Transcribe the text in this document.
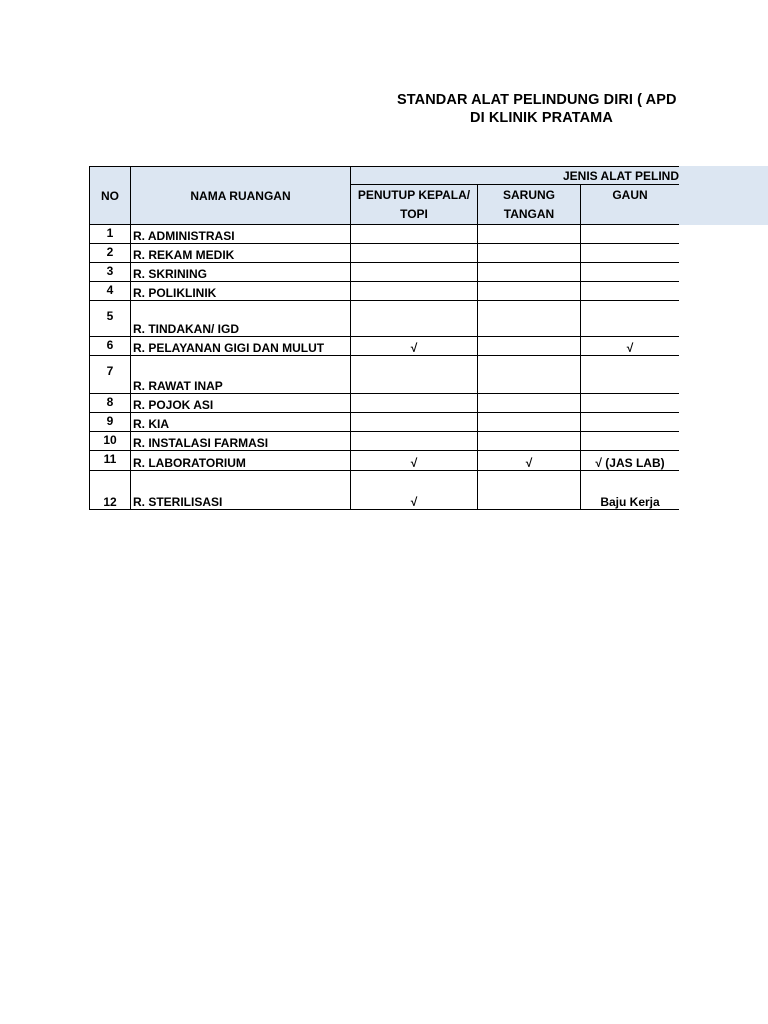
STANDAR ALAT PELINDUNG DIRI ( APD
DI KLINIK PRATAMA
NO	NAMA RUANGAN	JENIS ALAT PELIND		
		PENUTUP KEPALA/	SARUNG	GAUN
		TOPI	TANGAN	
1	R. ADMINISTRASI			
2	R. REKAM MEDIK			
3	R. SKRINING			
4	R. POLIKLINIK			
5	R. TINDAKAN/ IGD			
6	R. PELAYANAN GIGI DAN MULUT	√		√
7	R. RAWAT INAP			
8	R. POJOK ASI			
9	R. KIA			
10	R. INSTALASI FARMASI			
11	R. LABORATORIUM	√	√	√ (JAS LAB)
12	R. STERILISASI	√		Baju Kerja
